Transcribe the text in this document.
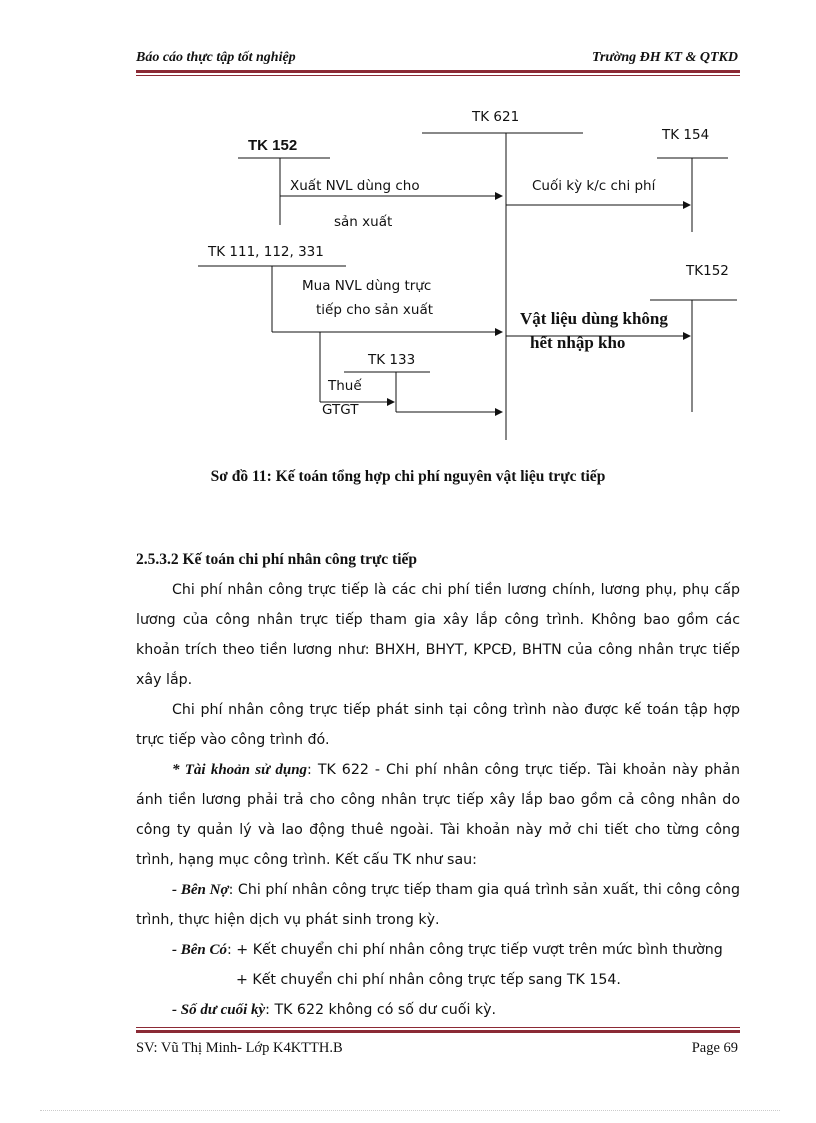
Báo cáo thực tập tốt nghiệp	Trường ĐH KT & QTKD
TK 152
Xuất NVL dùng cho
sản xuất
TK 621
TK 154
Cuối kỳ k/c chi phí
TK 111, 112, 331
Mua NVL dùng trực
tiếp cho sản xuất
TK152
Vật liệu dùng không
hết nhập kho
TK 133
Thuế
GTGT
Sơ đồ 11: Kế toán tổng hợp chi phí nguyên vật liệu trực tiếp
2.5.3.2 Kế toán chi phí nhân công trực tiếp

Chi phí nhân công trực tiếp là các chi phí tiền lương chính, lương phụ, phụ cấp lương của công nhân trực tiếp tham gia xây lắp công trình. Không bao gồm các khoản trích theo tiền lương như: BHXH, BHYT, KPCĐ, BHTN của công nhân trực tiếp xây lắp.

Chi phí nhân công trực tiếp phát sinh tại công trình nào được kế toán tập hợp trực tiếp vào công trình đó.

* Tài khoản sử dụng: TK 622 - Chi phí nhân công trực tiếp. Tài khoản này phản ánh tiền lương phải trả cho công nhân trực tiếp xây lắp bao gồm cả công nhân do công ty quản lý và lao động thuê ngoài. Tài khoản này mở chi tiết cho từng công trình, hạng mục công trình. Kết cấu TK như sau:

- Bên Nợ: Chi phí nhân công trực tiếp tham gia quá trình sản xuất, thi công công trình, thực hiện dịch vụ phát sinh trong kỳ.

- Bên Có: + Kết chuyển chi phí nhân công trực tiếp vượt trên mức bình thường

+ Kết chuyển chi phí nhân công trực tếp sang TK 154.

- Số dư cuối kỳ: TK 622 không có số dư cuối kỳ.

SV: Vũ Thị Minh- Lớp K4KTTH.B	Page 69
